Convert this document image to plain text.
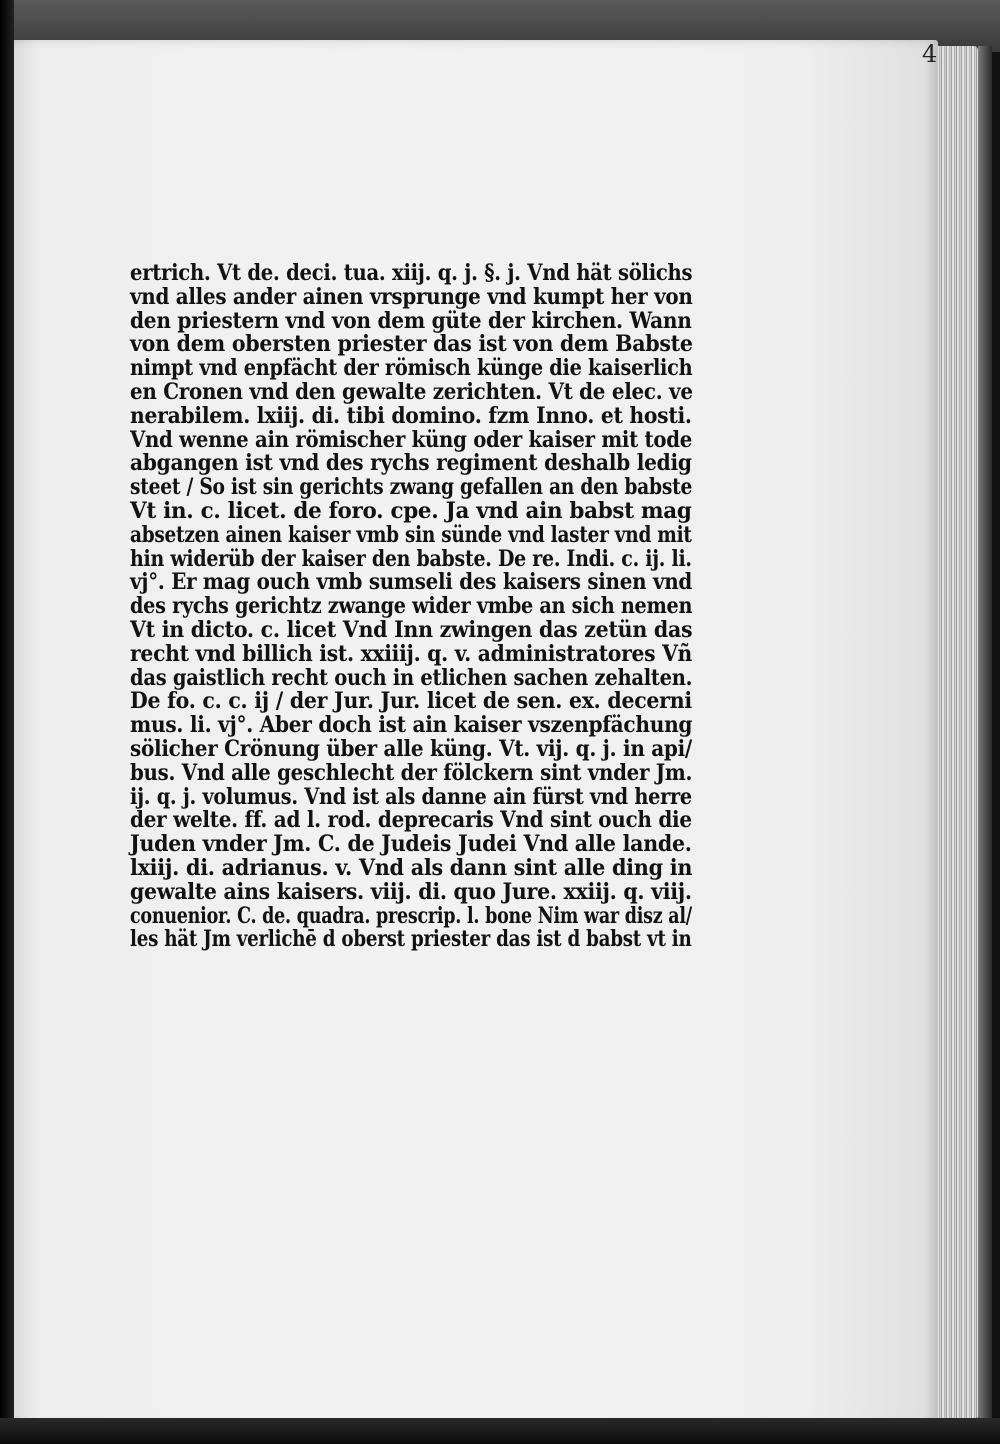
ertrich. Vt de. deci. tua. xiij. q. j. §. j. Vnd hät sölichs
vnd alles ander ainen vrsprunge vnd kumpt her von
den priestern vnd von dem güte der kirchen. Wann
von dem obersten priester das ist von dem Babste
nimpt vnd enpfächt der römisch künge die kaiserlich
en Cronen vnd den gewalte zerichten. Vt de elec. ve
nerabilem. lxiij. di. tibi domino. fzm Inno. et hosti.
Vnd wenne ain römischer küng oder kaiser mit tode
abgangen ist vnd des rychs regiment deshalb ledig
steet / So ist sin gerichts zwang gefallen an den babste
Vt in. c. licet. de foro. cpe. Ja vnd ain babst mag
absetzen ainen kaiser vmb sin sünde vnd laster vnd mit
hin widerüb der kaiser den babste. De re. Indi. c. ij. li.
vj°. Er mag ouch vmb sumseli des kaisers sinen vnd
des rychs gerichtz zwange wider vmbe an sich nemen
Vt in dicto. c. licet Vnd Inn zwingen das zetün das
recht vnd billich ist. xxiiij. q. v. administratores Vñ
das gaistlich recht ouch in etlichen sachen zehalten.
De fo. c. c. ij / der Jur. Jur. licet de sen. ex. decerni
mus. li. vj°. Aber doch ist ain kaiser vszenpfächung
sölicher Crönung über alle küng. Vt. vij. q. j. in api/
bus. Vnd alle geschlecht der fölckern sint vnder Jm.
ij. q. j. volumus. Vnd ist als danne ain fürst vnd herre
der welte. ff. ad l. rod. deprecaris Vnd sint ouch die
Juden vnder Jm. C. de Judeis Judei Vnd alle lande.
lxiij. di. adrianus. v. Vnd als dann sint alle ding in
gewalte ains kaisers. viij. di. quo Jure. xxiij. q. viij.
conuenior. C. de. quadra. prescrip. l. bone Nim war disz al/
les hät Jm verlichē d oberst priester das ist d babst vt in
4
